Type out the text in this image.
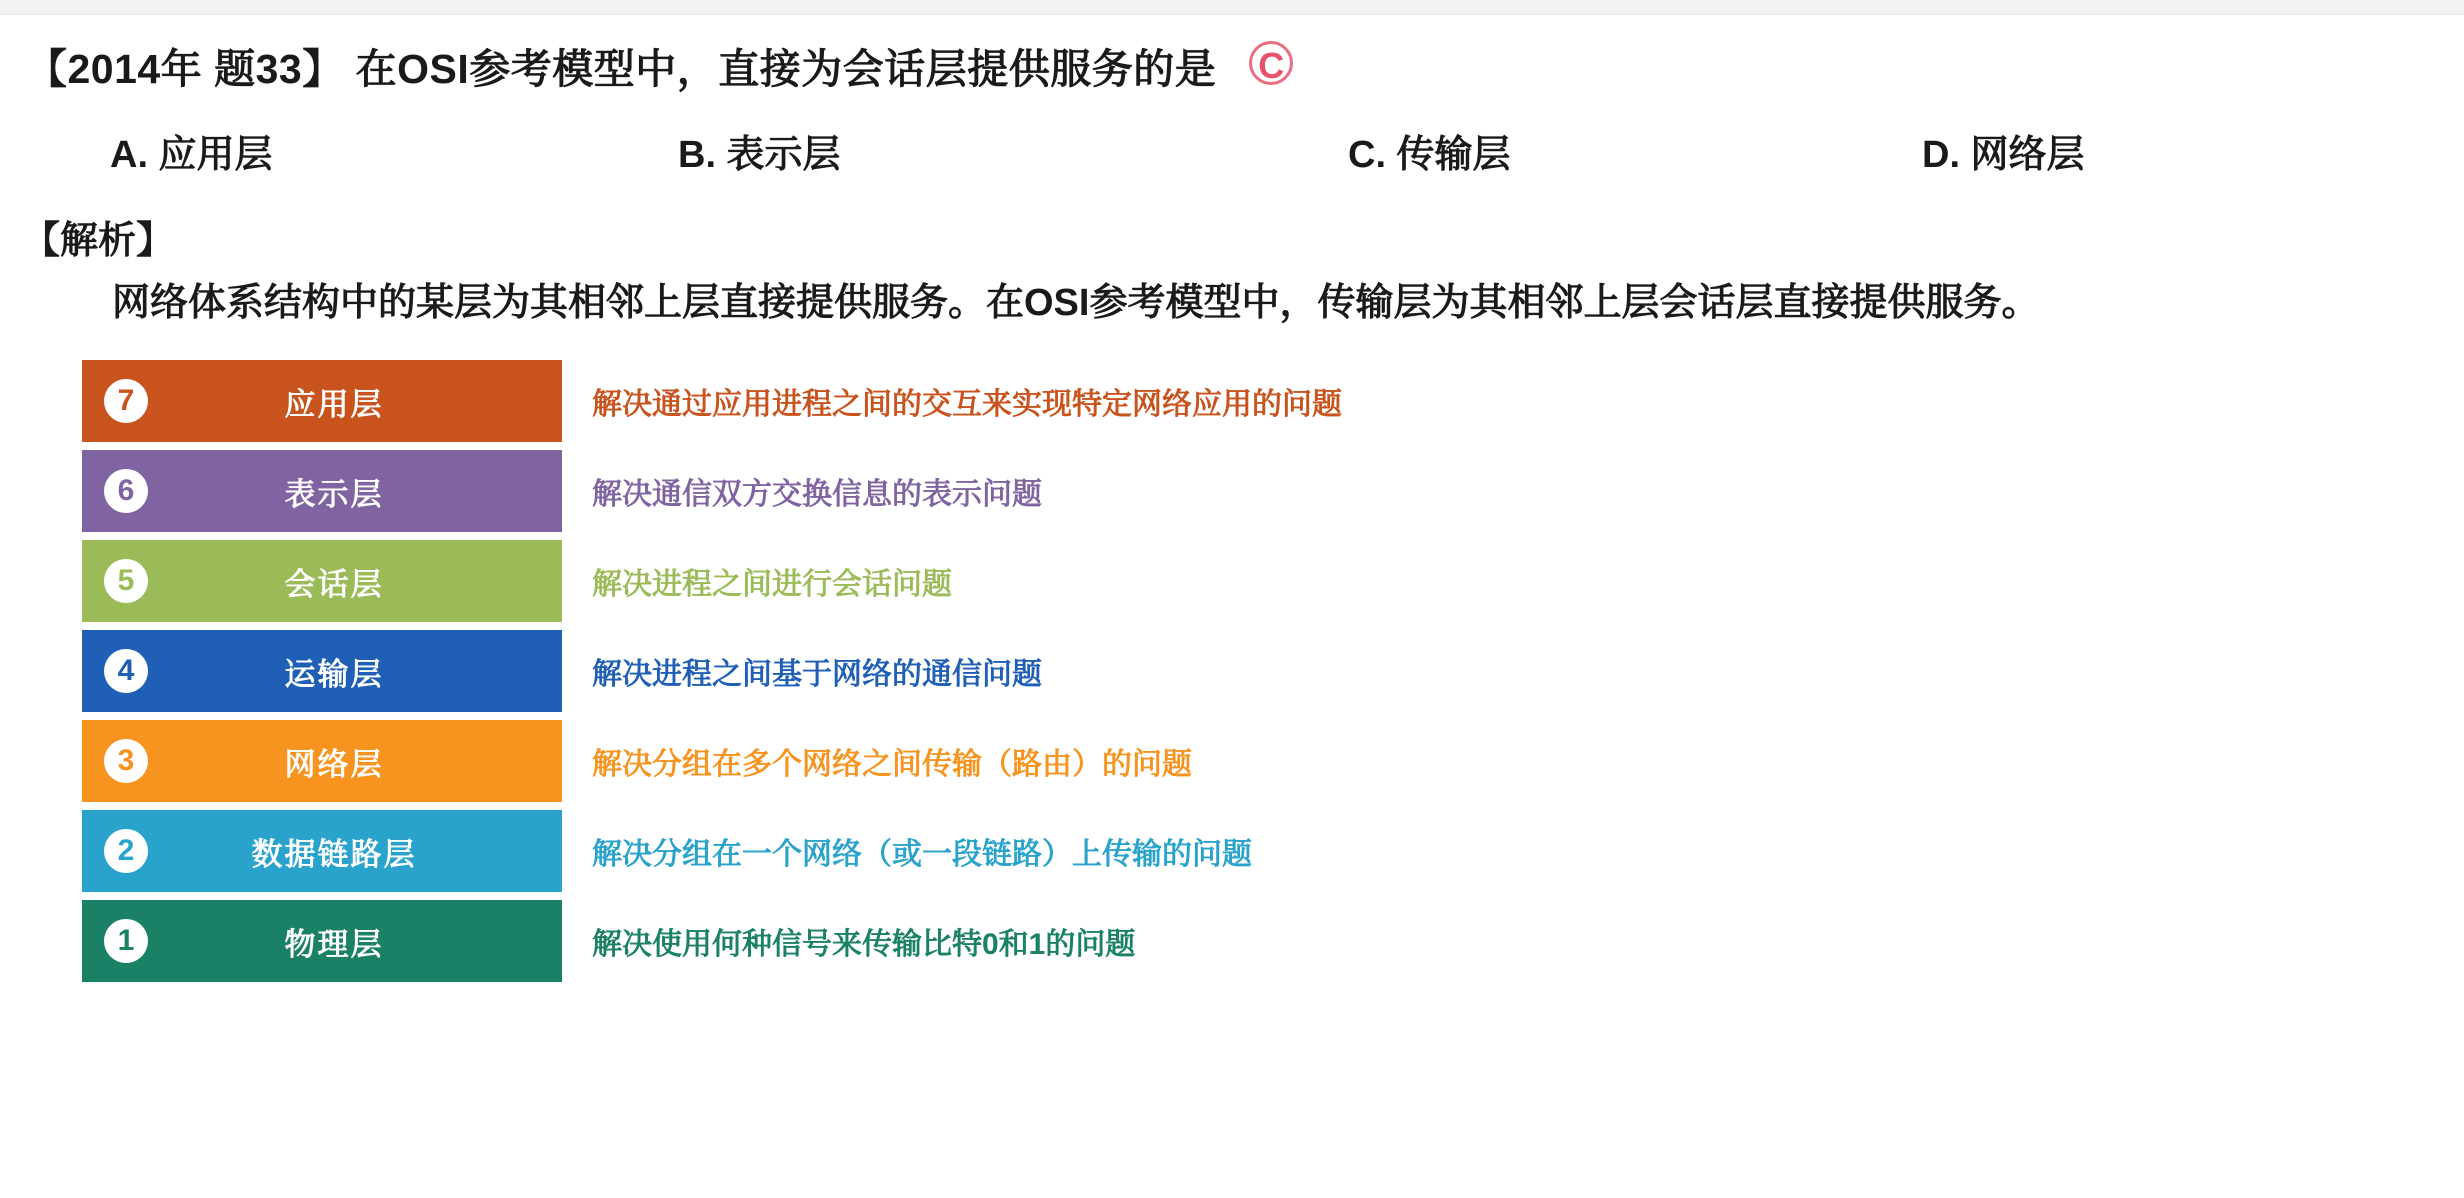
【2014年 题33】 在OSI参考模型中，直接为会话层提供服务的是 C
A. 应用层	B. 表示层	C. 传输层	D. 网络层
【解析】
网络体系结构中的某层为其相邻上层直接提供服务。在OSI参考模型中，传输层为其相邻上层会话层直接提供服务。
7	应用层	解决通过应用进程之间的交互来实现特定网络应用的问题
6	表示层	解决通信双方交换信息的表示问题
5	会话层	解决进程之间进行会话问题
4	运输层	解决进程之间基于网络的通信问题
3	网络层	解决分组在多个网络之间传输（路由）的问题
2	数据链路层	解决分组在一个网络（或一段链路）上传输的问题
1	物理层	解决使用何种信号来传输比特0和1的问题
